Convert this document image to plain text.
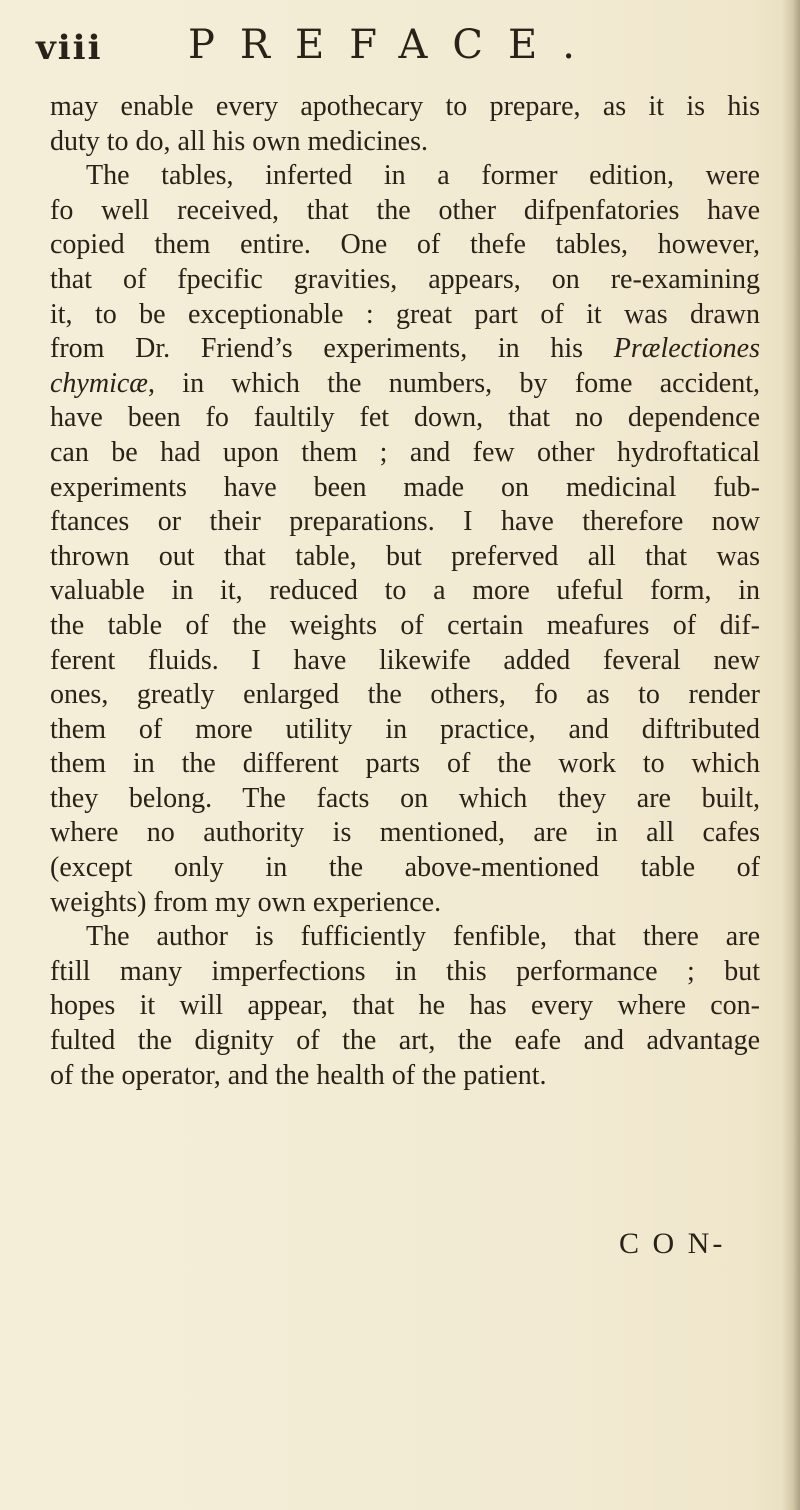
viii PREFACE.
may enable every apothecary to prepare, as it is his
duty to do, all his own medicines.
The tables, inferted in a former edition, were
fo well received, that the other difpenfatories have
copied them entire. One of thefe tables, however,
that of fpecific gravities, appears, on re-examining
it, to be exceptionable : great part of it was drawn
from Dr. Friend’s experiments, in his Prælectiones
chymicæ, in which the numbers, by fome accident,
have been fo faultily fet down, that no dependence
can be had upon them ; and few other hydroftatical
experiments have been made on medicinal fub-
ftances or their preparations. I have therefore now
thrown out that table, but preferved all that was
valuable in it, reduced to a more ufeful form, in
the table of the weights of certain meafures of dif-
ferent fluids. I have likewife added feveral new
ones, greatly enlarged the others, fo as to render
them of more utility in practice, and diftributed
them in the different parts of the work to which
they belong. The facts on which they are built,
where no authority is mentioned, are in all cafes
(except only in the above-mentioned table of
weights) from my own experience.
The author is fufficiently fenfible, that there are
ftill many imperfections in this performance ; but
hopes it will appear, that he has every where con-
fulted the dignity of the art, the eafe and advantage
of the operator, and the health of the patient.
C O N-
